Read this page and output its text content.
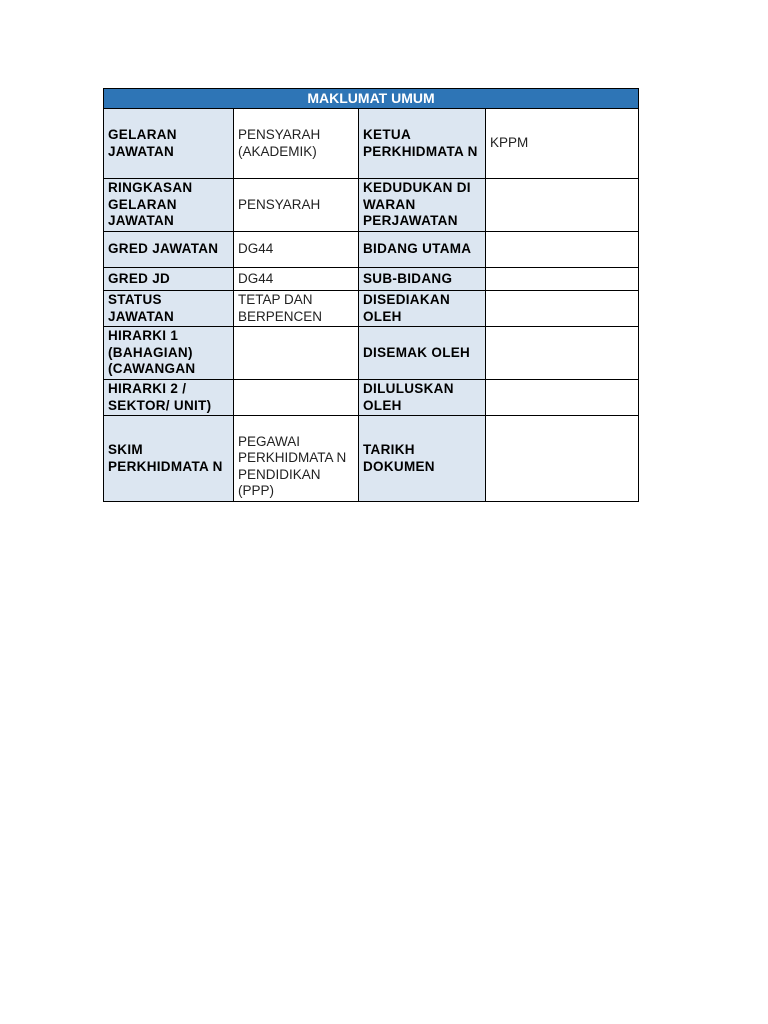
MAKLUMAT UMUM			
GELARAN JAWATAN	PENSYARAH (AKADEMIK)	KETUA PERKHIDMATA N	KPPM
RINGKASAN GELARAN JAWATAN	PENSYARAH	KEDUDUKAN DI WARAN PERJAWATAN	
GRED JAWATAN	DG44	BIDANG UTAMA	
GRED JD	DG44	SUB-BIDANG	
STATUS JAWATAN	TETAP DAN BERPENCEN	DISEDIAKAN OLEH	

HIRARKI 1 (BAHAGIAN) (CAWANGAN		DISEMAK OLEH	
HIRARKI 2 / SEKTOR/ UNIT)		DILULUSKAN OLEH	
SKIM PERKHIDMATA N	PEGAWAI PERKHIDMATA N PENDIDIKAN (PPP)	TARIKH DOKUMEN	
